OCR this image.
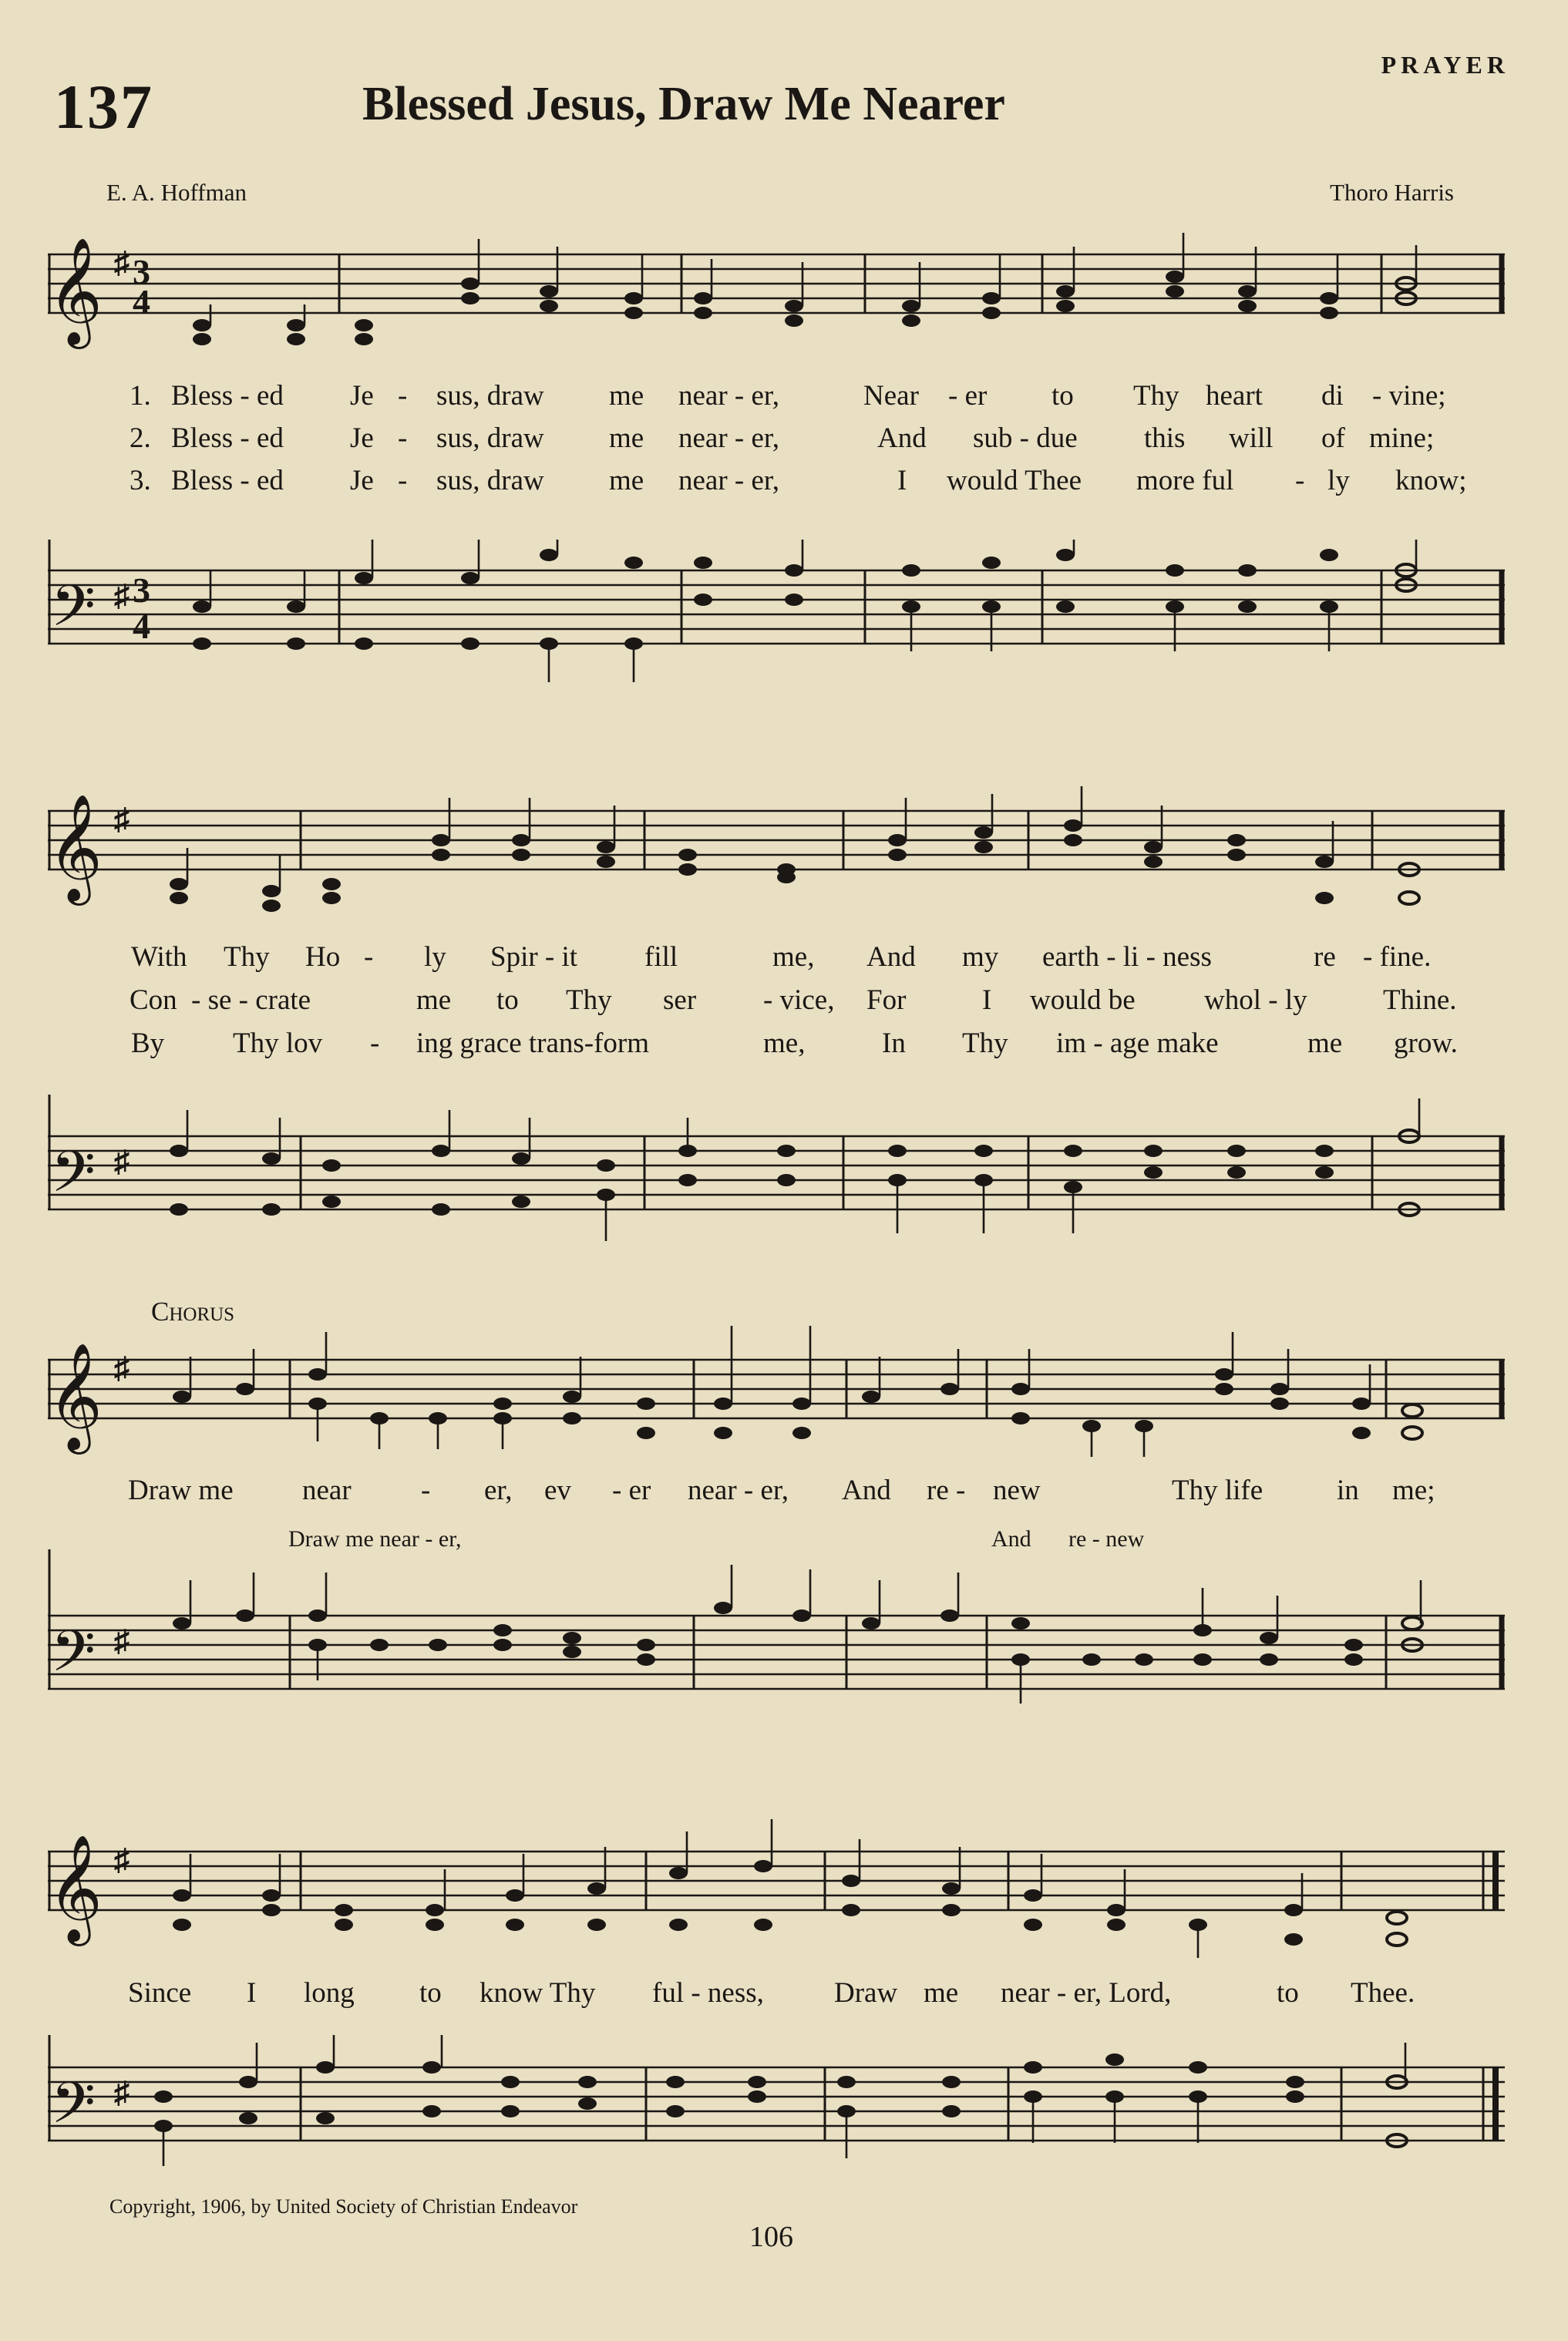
137	Blessed Jesus, Draw Me Nearer
PRAYER
E. A. Hoffman	Thoro Harris
𝄞 ♯ 3
4
1. Bless - ed Je - sus, draw me near - er,	Near - er to Thy heart di - vine;
2. Bless - ed Je - sus, draw me near - er,	And sub - due this will of mine;
3. Bless - ed Je - sus, draw me near - er,	I would Thee more ful - ly know;
𝄢 ♯ 3
4
𝄞 ♯
With Thy Ho - ly Spir - it fill	me, And my earth - li - ness	re - fine.
Con - se - crate	me to Thy ser - vice, For	I would be whol - ly	Thine.
By Thy lov - ing grace trans-form	me,	In Thy im - age make	me grow.
𝄢 ♯
Chorus
𝄞 ♯
Draw me near - er, ev - er near - er, And re - new	Thy life	in me;
Draw me near - er,	And re - new
𝄢 ♯
𝄞 ♯
Since I long to know Thy ful - ness, Draw me near - er, Lord,	to Thee.
𝄢 ♯
Copyright, 1906, by United Society of Christian Endeavor
106
